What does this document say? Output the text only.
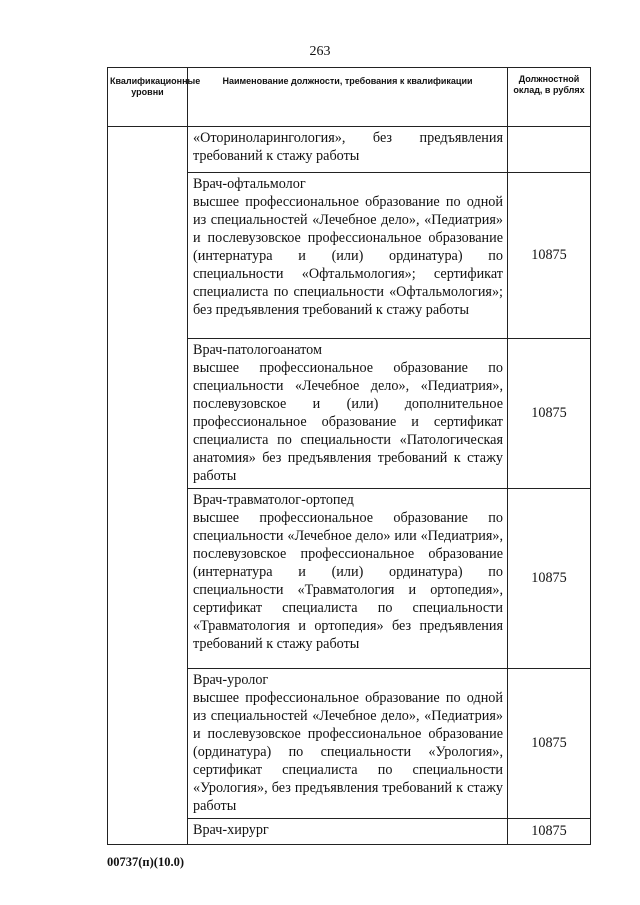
263
Квалификационные уровни	Наименование должности, требования к квалификации	Должностной оклад, в рублях
	«Оториноларингология», без предъявления требований к стажу работы	

	Врач-офтальмолог
высшее профессиональное образование по одной из специальностей «Лечебное дело», «Педиатрия» и послевузовское профессиональное образование (интернатура и (или) ординатура) по специальности «Офтальмология»; сертификат специалиста по специальности «Офтальмология»; без предъявления требований к стажу работы	10875

	Врач-патологоанатом
высшее профессиональное образование по специальности «Лечебное дело», «Педиатрия», послевузовское и (или) дополнительное профессиональное образование и сертификат специалиста по специальности «Патологическая анатомия» без предъявления требований к стажу работы	10875

	Врач-травматолог-ортопед
высшее профессиональное образование по специальности «Лечебное дело» или «Педиатрия», послевузовское профессиональное образование (интернатура и (или) ординатура) по специальности «Травматология и ортопедия», сертификат специалиста по специальности «Травматология и ортопедия» без предъявления требований к стажу работы	10875

	Врач-уролог
высшее профессиональное образование по одной из специальностей «Лечебное дело», «Педиатрия» и послевузовское профессиональное образование (ординатура) по специальности «Урология», сертификат специалиста по специальности «Урология», без предъявления требований к стажу работы	10875

	Врач-хирург	10875
00737(п)(10.0)
